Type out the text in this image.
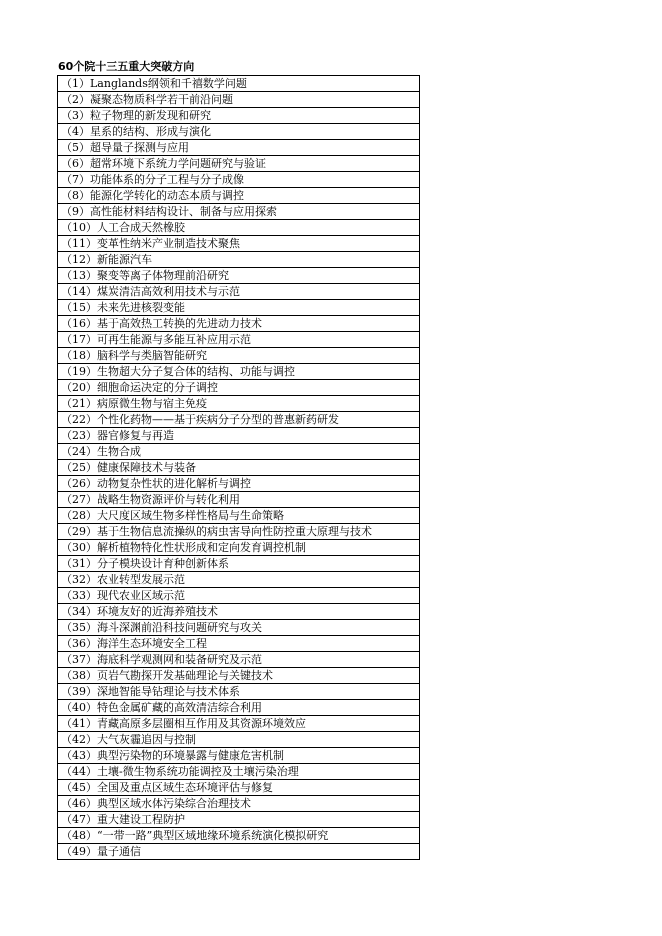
60个院十三五重大突破方向
（1）Langlands纲领和千禧数学问题
（2）凝聚态物质科学若干前沿问题
（3）粒子物理的新发现和研究
（4）星系的结构、形成与演化
（5）超导量子探测与应用
（6）超常环境下系统力学问题研究与验证
（7）功能体系的分子工程与分子成像
（8）能源化学转化的动态本质与调控
（9）高性能材料结构设计、制备与应用探索
（10）人工合成天然橡胶
（11）变革性纳米产业制造技术聚焦
（12）新能源汽车
（13）聚变等离子体物理前沿研究
（14）煤炭清洁高效利用技术与示范
（15）未来先进核裂变能
（16）基于高效热工转换的先进动力技术
（17）可再生能源与多能互补应用示范
（18）脑科学与类脑智能研究
（19）生物超大分子复合体的结构、功能与调控
（20）细胞命运决定的分子调控
（21）病原微生物与宿主免疫
（22）个性化药物——基于疾病分子分型的普惠新药研发
（23）器官修复与再造
（24）生物合成
（25）健康保障技术与装备
（26）动物复杂性状的进化解析与调控
（27）战略生物资源评价与转化利用
（28）大尺度区域生物多样性格局与生命策略
（29）基于生物信息流操纵的病虫害导向性防控重大原理与技术
（30）解析植物特化性状形成和定向发育调控机制
（31）分子模块设计育种创新体系
（32）农业转型发展示范
（33）现代农业区域示范
（34）环境友好的近海养殖技术
（35）海斗深渊前沿科技问题研究与攻关
（36）海洋生态环境安全工程
（37）海底科学观测网和装备研究及示范
（38）页岩气勘探开发基础理论与关键技术
（39）深地智能导钻理论与技术体系
（40）特色金属矿藏的高效清洁综合利用
（41）青藏高原多层圈相互作用及其资源环境效应
（42）大气灰霾追因与控制
（43）典型污染物的环境暴露与健康危害机制
（44）土壤-微生物系统功能调控及土壤污染治理
（45）全国及重点区域生态环境评估与修复
（46）典型区域水体污染综合治理技术
（47）重大建设工程防护
（48）“一带一路”典型区域地缘环境系统演化模拟研究
（49）量子通信
